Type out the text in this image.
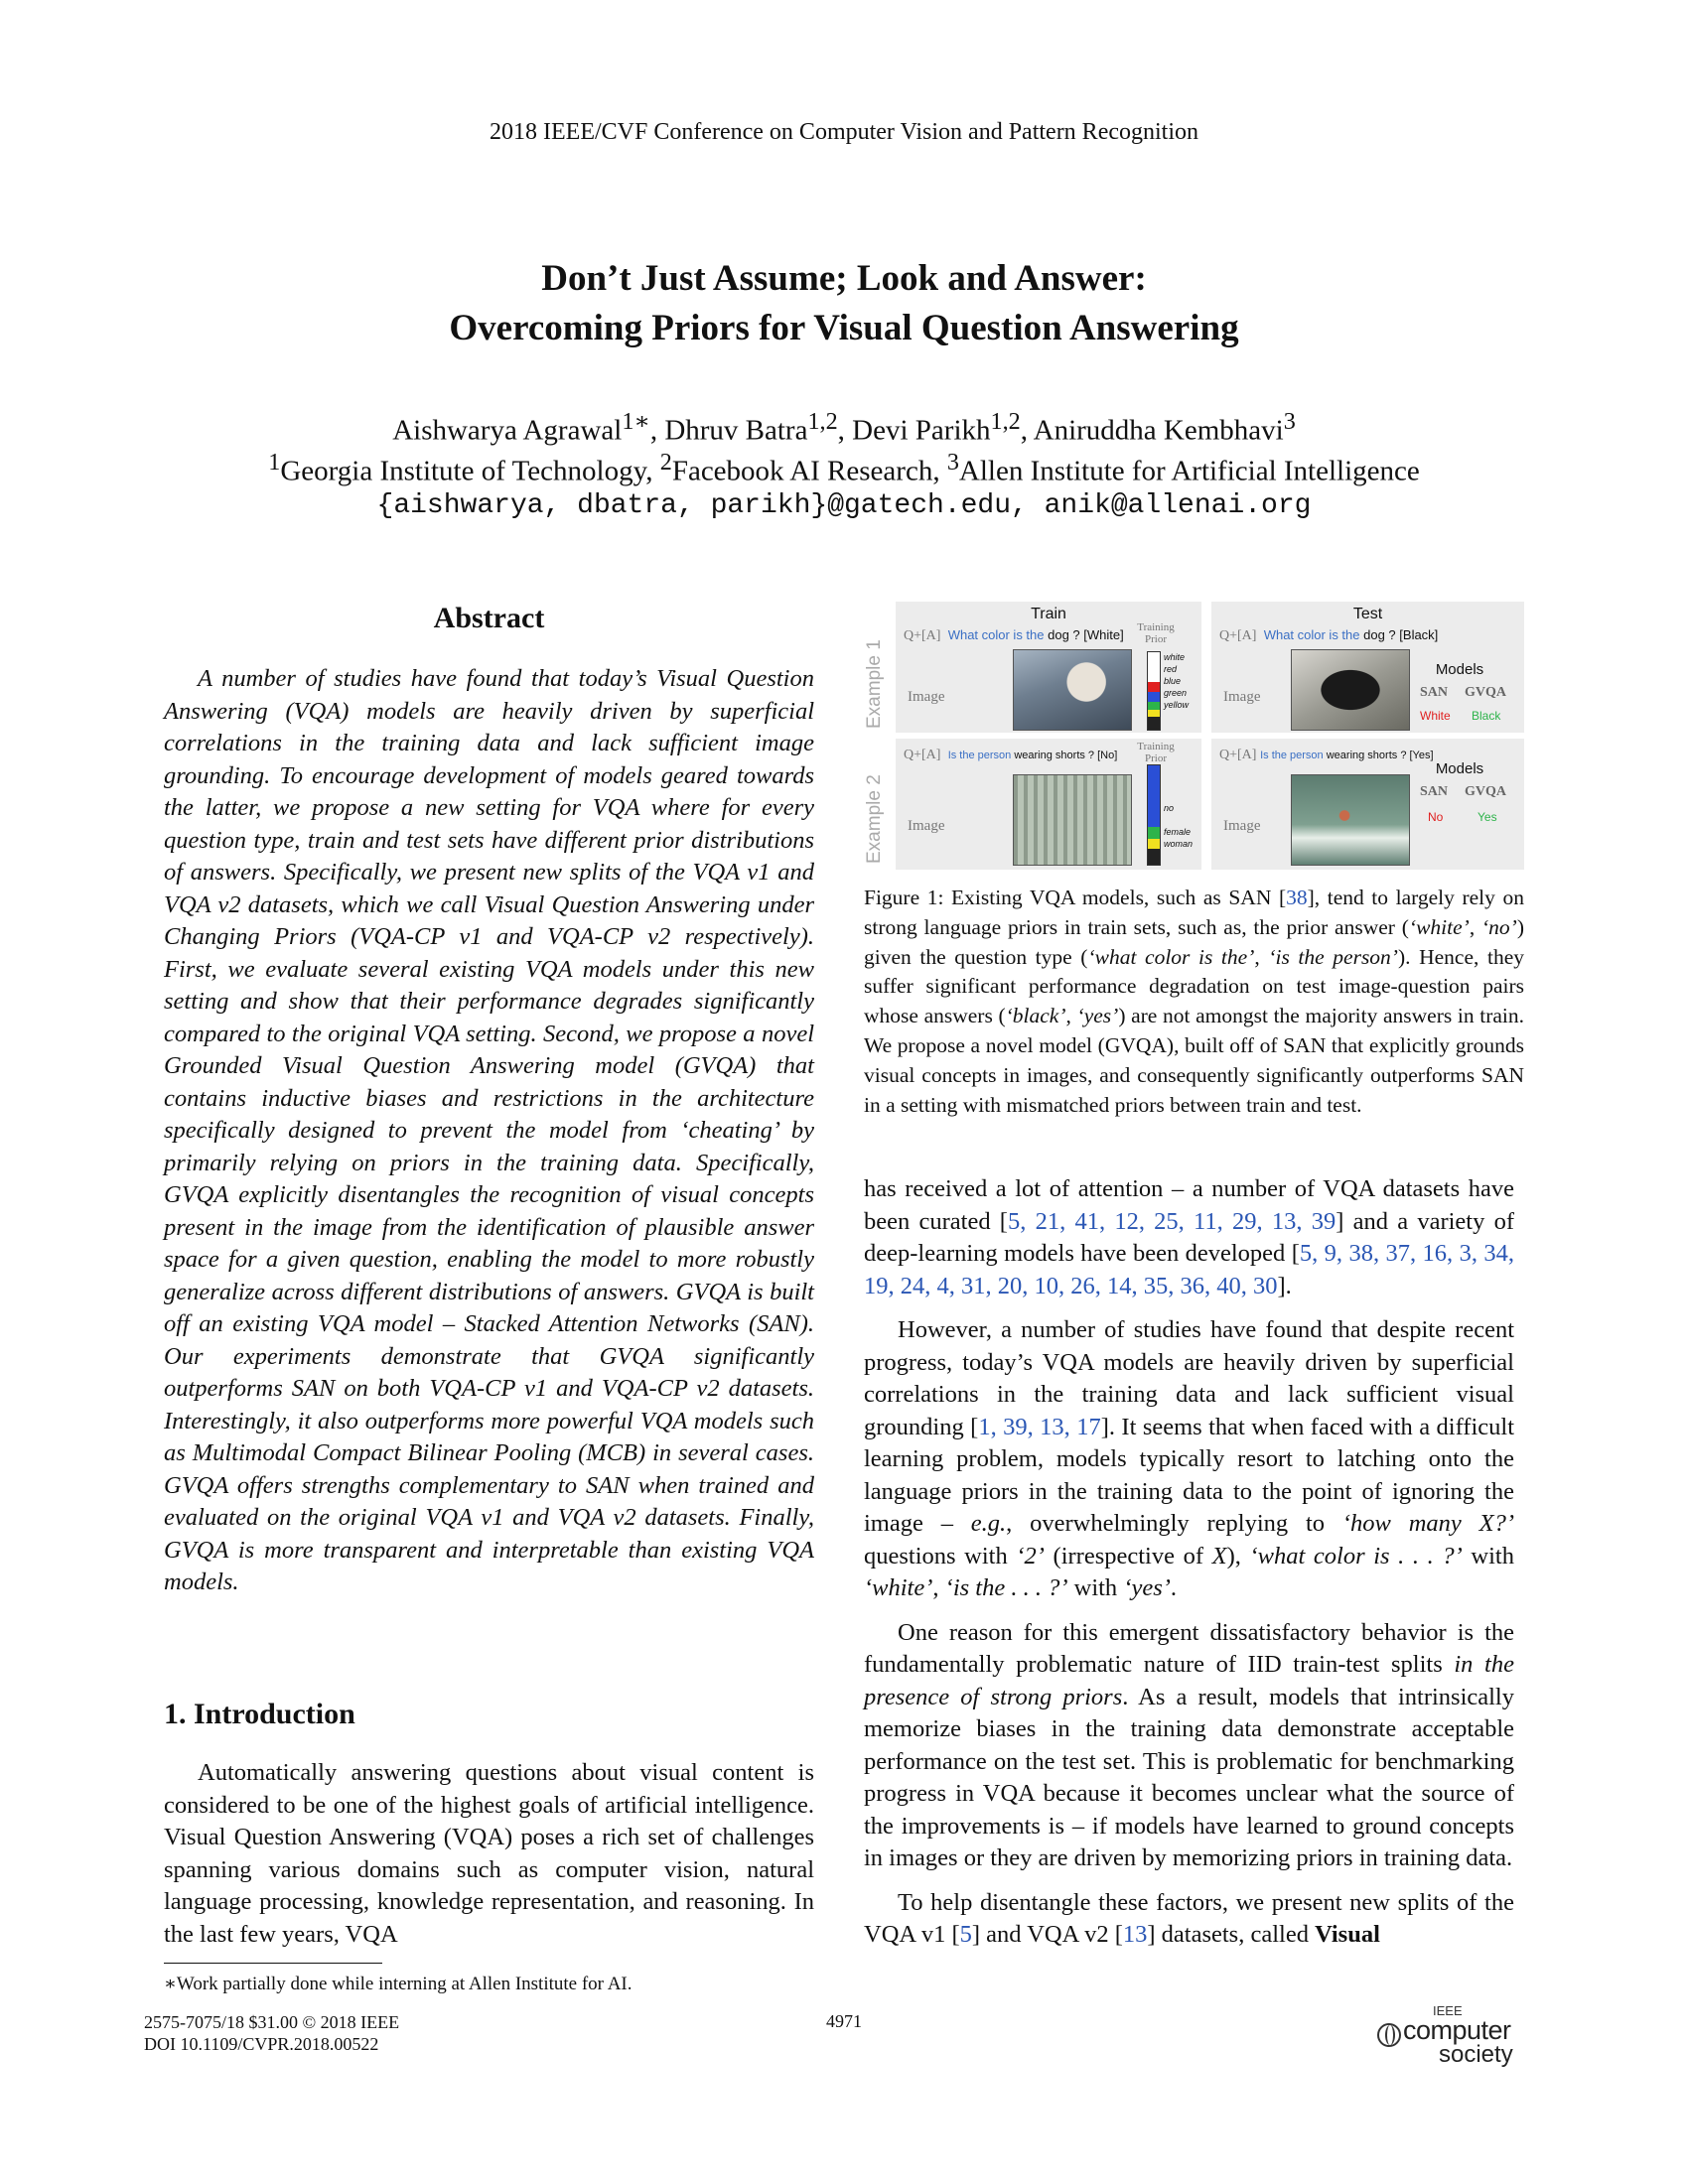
2018 IEEE/CVF Conference on Computer Vision and Pattern Recognition
Don’t Just Assume; Look and Answer:
Overcoming Priors for Visual Question Answering
Aishwarya Agrawal$^{1∗}$, Dhruv Batra$^{1,2}$, Devi Parikh$^{1,2}$, Aniruddha Kembhavi$^3$
$^1$Georgia Institute of Technology, $^2$Facebook AI Research, $^3$Allen Institute for Artificial Intelligence
{aishwarya, dbatra, parikh}@gatech.edu, anik@allenai.org
Abstract

A number of studies have found that today’s Visual Question Answering (VQA) models are heavily driven by superficial correlations in the training data and lack sufficient image grounding. To encourage development of models geared towards the latter, we propose a new setting for VQA where for every question type, train and test sets have different prior distributions of answers. Specifically, we present new splits of the VQA v1 and VQA v2 datasets, which we call Visual Question Answering under Changing Priors (VQA-CP v1 and VQA-CP v2 respectively). First, we evaluate several existing VQA models under this new setting and show that their performance degrades significantly compared to the original VQA setting. Second, we propose a novel Grounded Visual Question Answering model (GVQA) that contains inductive biases and restrictions in the architecture specifically designed to prevent the model from ‘cheating’ by primarily relying on priors in the training data. Specifically, GVQA explicitly disentangles the recognition of visual concepts present in the image from the identification of plausible answer space for a given question, enabling the model to more robustly generalize across different distributions of answers. GVQA is built off an existing VQA model – Stacked Attention Networks (SAN). Our experiments demonstrate that GVQA significantly outperforms SAN on both VQA-CP v1 and VQA-CP v2 datasets. Interestingly, it also outperforms more powerful VQA models such as Multimodal Compact Bilinear Pooling (MCB) in several cases. GVQA offers strengths complementary to SAN when trained and evaluated on the original VQA v1 and VQA v2 datasets. Finally, GVQA is more transparent and interpretable than existing VQA models.

1. Introduction

Automatically answering questions about visual content is considered to be one of the highest goals of artificial intelligence. Visual Question Answering (VQA) poses a rich set of challenges spanning various domains such as computer vision, natural language processing, knowledge representation, and reasoning. In the last few years, VQA

∗Work partially done while interning at Allen Institute for AI.
Example 1
Example 2
Train
Q+[A] What color is the dog ? [White]
Image
Training
Prior
white
red
blue
green
yellow
Test
Q+[A] What color is the dog ? [Black]
Image
Models
SAN GVQA
White Black
Training
Prior
Q+[A] Is the person wearing shorts ? [No]
Image
no
female
woman
Q+[A] Is the person wearing shorts ? [Yes]
Image
Models
SAN GVQA
No	Yes
Figure 1: Existing VQA models, such as SAN [38], tend to largely rely on strong language priors in train sets, such as, the prior answer (‘white’, ‘no’) given the question type (‘what color is the’, ‘is the person’). Hence, they suffer significant performance degradation on test image-question pairs whose answers (‘black’, ‘yes’) are not amongst the majority answers in train. We propose a novel model (GVQA), built off of SAN that explicitly grounds visual concepts in images, and consequently significantly outperforms SAN in a setting with mismatched priors between train and test.

has received a lot of attention – a number of VQA datasets have been curated [5, 21, 41, 12, 25, 11, 29, 13, 39] and a variety of deep-learning models have been developed [5, 9, 38, 37, 16, 3, 34, 19, 24, 4, 31, 20, 10, 26, 14, 35, 36, 40, 30].

However, a number of studies have found that despite recent progress, today’s VQA models are heavily driven by superficial correlations in the training data and lack sufficient visual grounding [1, 39, 13, 17]. It seems that when faced with a difficult learning problem, models typically resort to latching onto the language priors in the training data to the point of ignoring the image – e.g., overwhelmingly replying to ‘how many X?’ questions with ‘2’ (irrespective of X), ‘what color is . . . ?’ with ‘white’, ‘is the . . . ?’ with ‘yes’.

One reason for this emergent dissatisfactory behavior is the fundamentally problematic nature of IID train-test splits in the presence of strong priors. As a result, models that intrinsically memorize biases in the training data demonstrate acceptable performance on the test set. This is problematic for benchmarking progress in VQA because it becomes unclear what the source of the improvements is – if models have learned to ground concepts in images or they are driven by memorizing priors in training data.

To help disentangle these factors, we present new splits of the VQA v1 [5] and VQA v2 [13] datasets, called Visual

2575-7075/18 $31.00 © 2018 IEEE
DOI 10.1109/CVPR.2018.00522
4971
IEEE
computer
society
